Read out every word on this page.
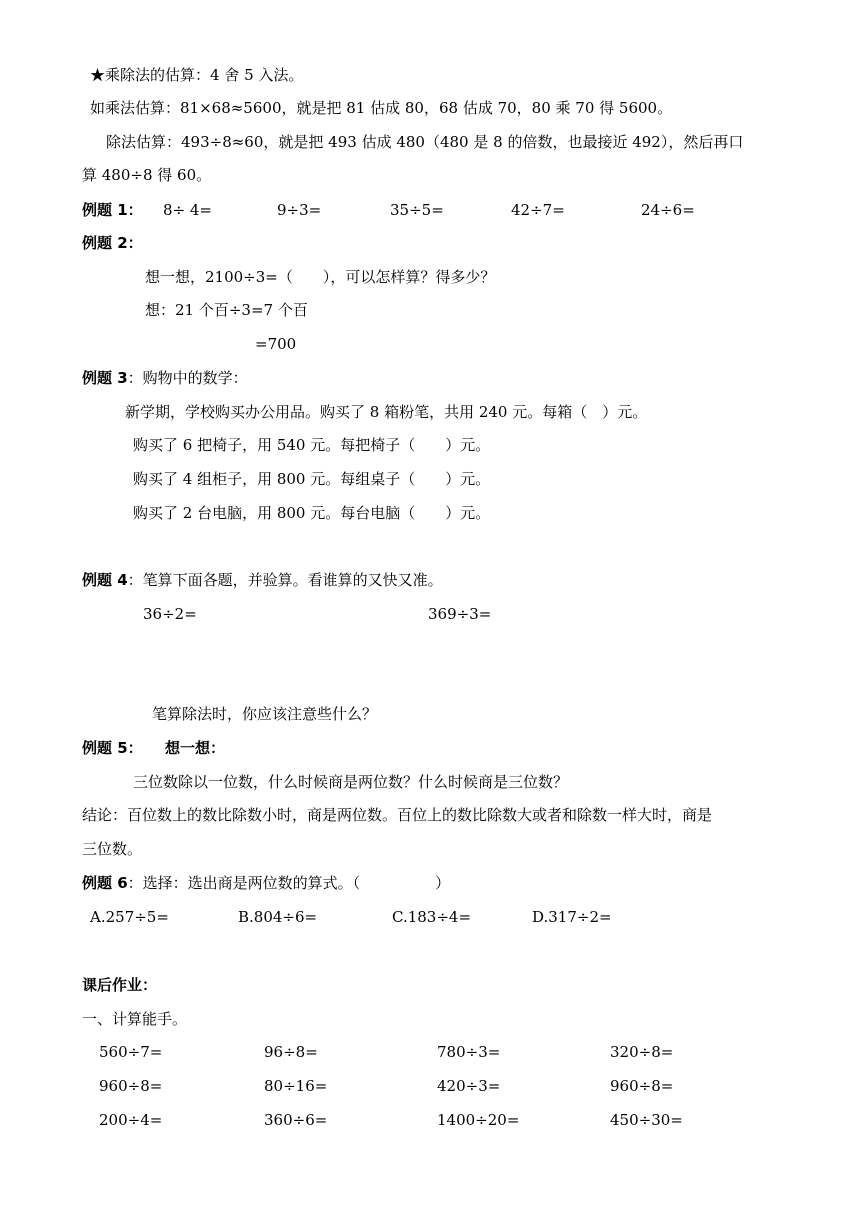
★乘除法的估算：4 舍 5 入法。
如乘法估算：81×68≈5600，就是把 81 估成 80，68 估成 70，80 乘 70 得 5600。
除法估算：493÷8≈60，就是把 493 估成 480（480 是 8 的倍数，也最接近 492），然后再口
算 480÷8 得 60。
例题 1： 8÷ 4=	9÷3=	35÷5=	42÷7=	24÷6=
例题 2：
想一想，2100÷3=（　　），可以怎样算？得多少？
想：21 个百÷3=7 个百
=700
例题 3：购物中的数学：
新学期，学校购买办公用品。购买了 8 箱粉笔，共用 240 元。每箱（　）元。
购买了 6 把椅子，用 540 元。每把椅子（　　）元。
购买了 4 组柜子，用 800 元。每组桌子（　　）元。
购买了 2 台电脑，用 800 元。每台电脑（　　）元。
例题 4：笔算下面各题，并验算。看谁算的又快又准。
36÷2=	369÷3=
笔算除法时，你应该注意些什么？
例题 5： 想一想：
三位数除以一位数，什么时候商是两位数？什么时候商是三位数？
结论：百位数上的数比除数小时，商是两位数。百位上的数比除数大或者和除数一样大时，商是
三位数。
例题 6：选择：选出商是两位数的算式。（　　　　　）
A.257÷5=	B.804÷6=	C.183÷4=	D.317÷2=
课后作业：
一、计算能手。
560÷7=	96÷8=	780÷3=	320÷8=
960÷8=	80÷16=	420÷3=	960÷8=
200÷4=	360÷6=	1400÷20=	450÷30=
